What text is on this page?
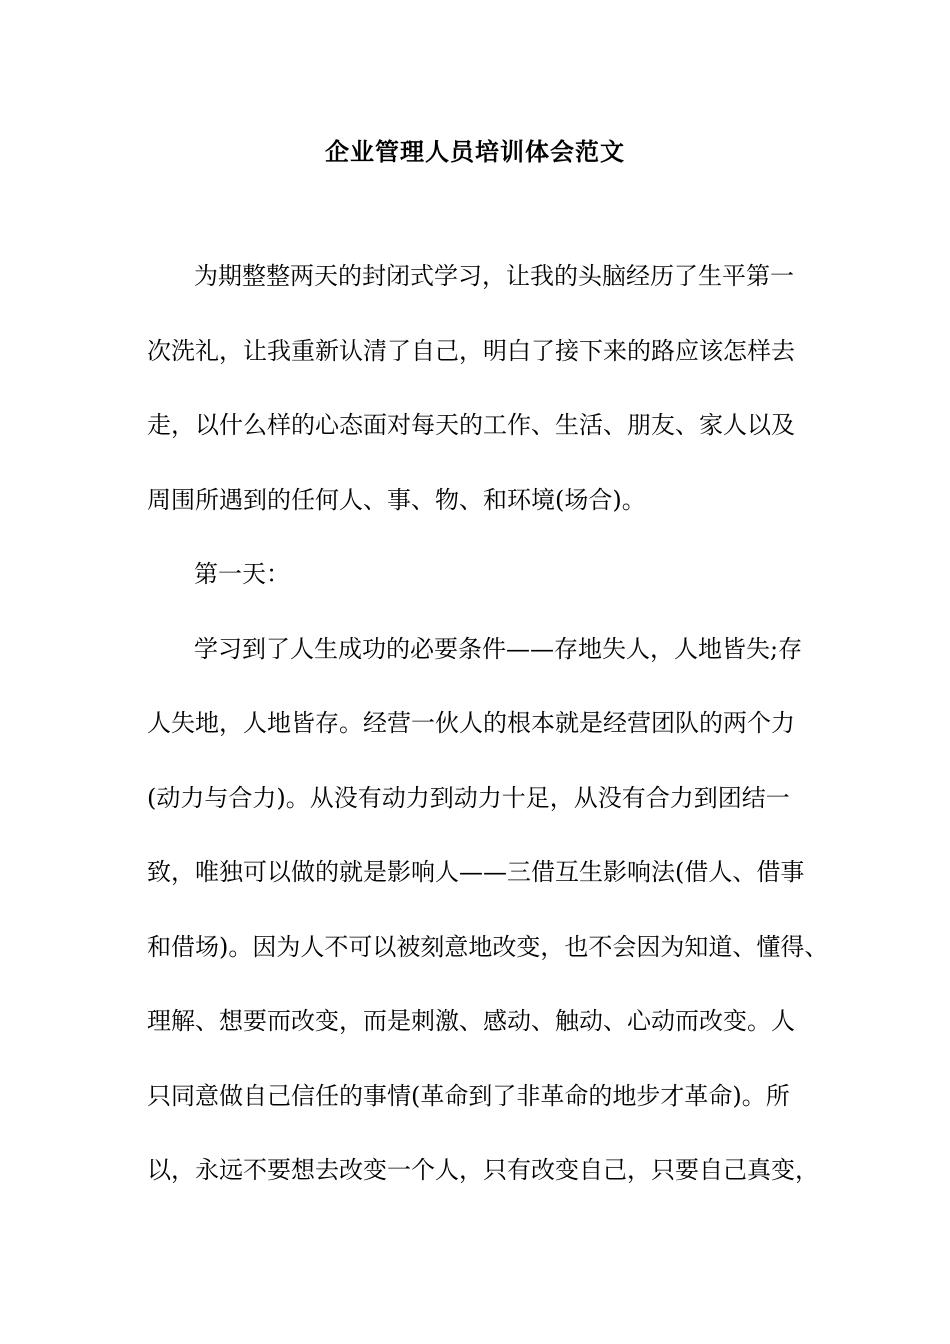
企业管理人员培训体会范文
为期整整两天的封闭式学习，让我的头脑经历了生平第一
次洗礼，让我重新认清了自己，明白了接下来的路应该怎样去
走，以什么样的心态面对每天的工作、生活、朋友、家人以及
周围所遇到的任何人、事、物、和环境(场合)。
第一天：
学习到了人生成功的必要条件——存地失人，人地皆失;存
人失地，人地皆存。经营一伙人的根本就是经营团队的两个力
(动力与合力)。从没有动力到动力十足，从没有合力到团结一
致，唯独可以做的就是影响人——三借互生影响法(借人、借事
和借场)。因为人不可以被刻意地改变，也不会因为知道、懂得、
理解、想要而改变，而是刺激、感动、触动、心动而改变。人
只同意做自己信任的事情(革命到了非革命的地步才革命)。所
以，永远不要想去改变一个人，只有改变自己，只要自己真变，
